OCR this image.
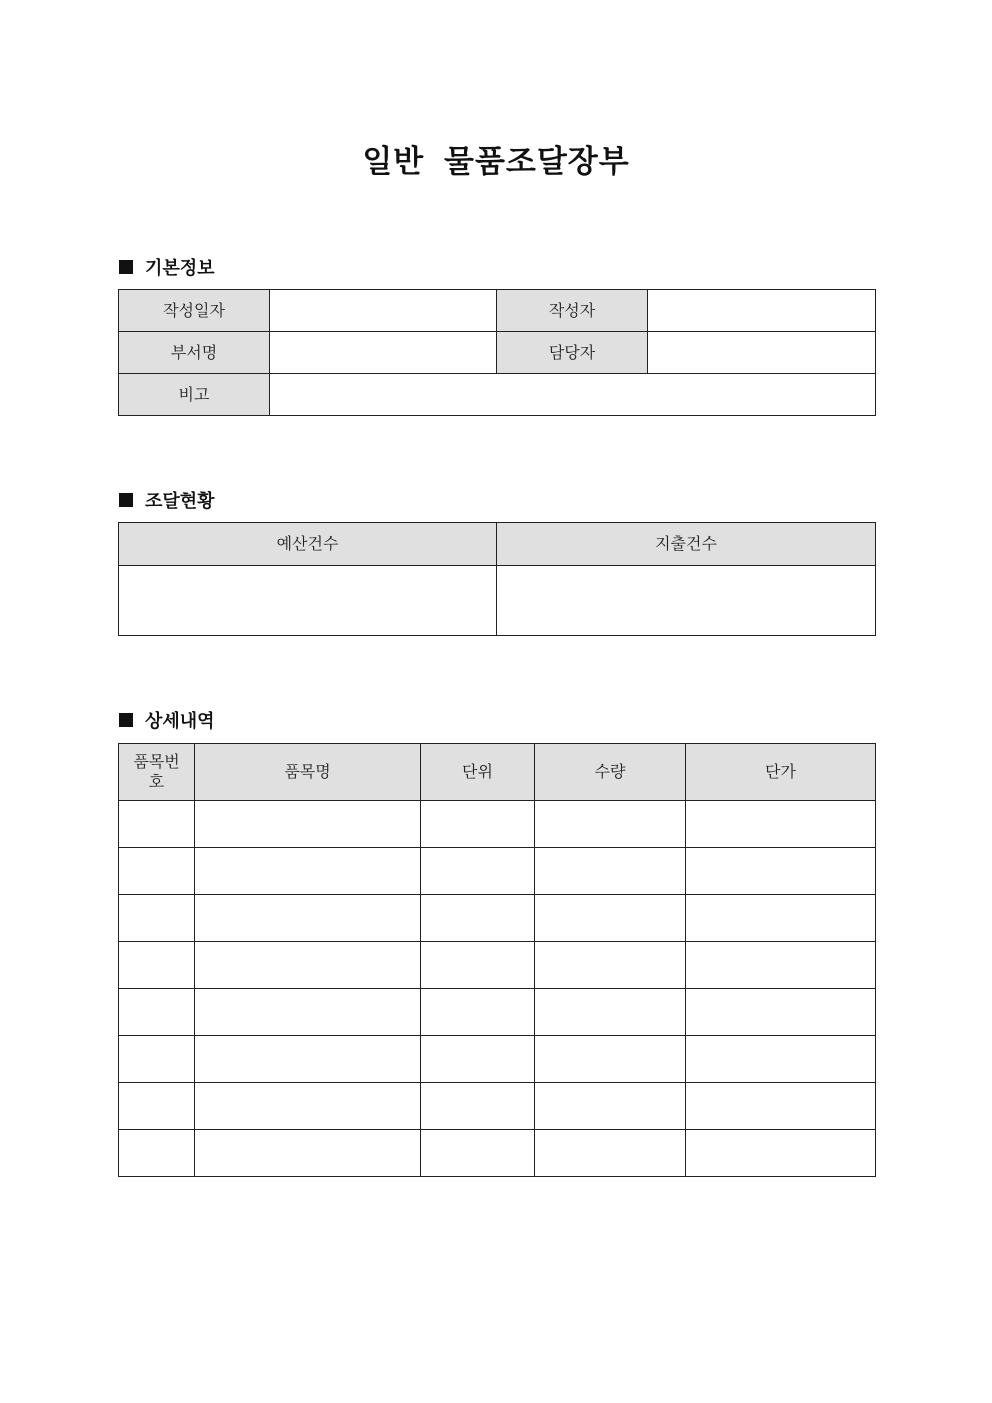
일반 물품조달장부
기본정보
작성일자		작성자	
부서명		담당자	
비고			
조달현황
예산건수	지출건수

상세내역
품목번호	품목명	단위	수량	단가
